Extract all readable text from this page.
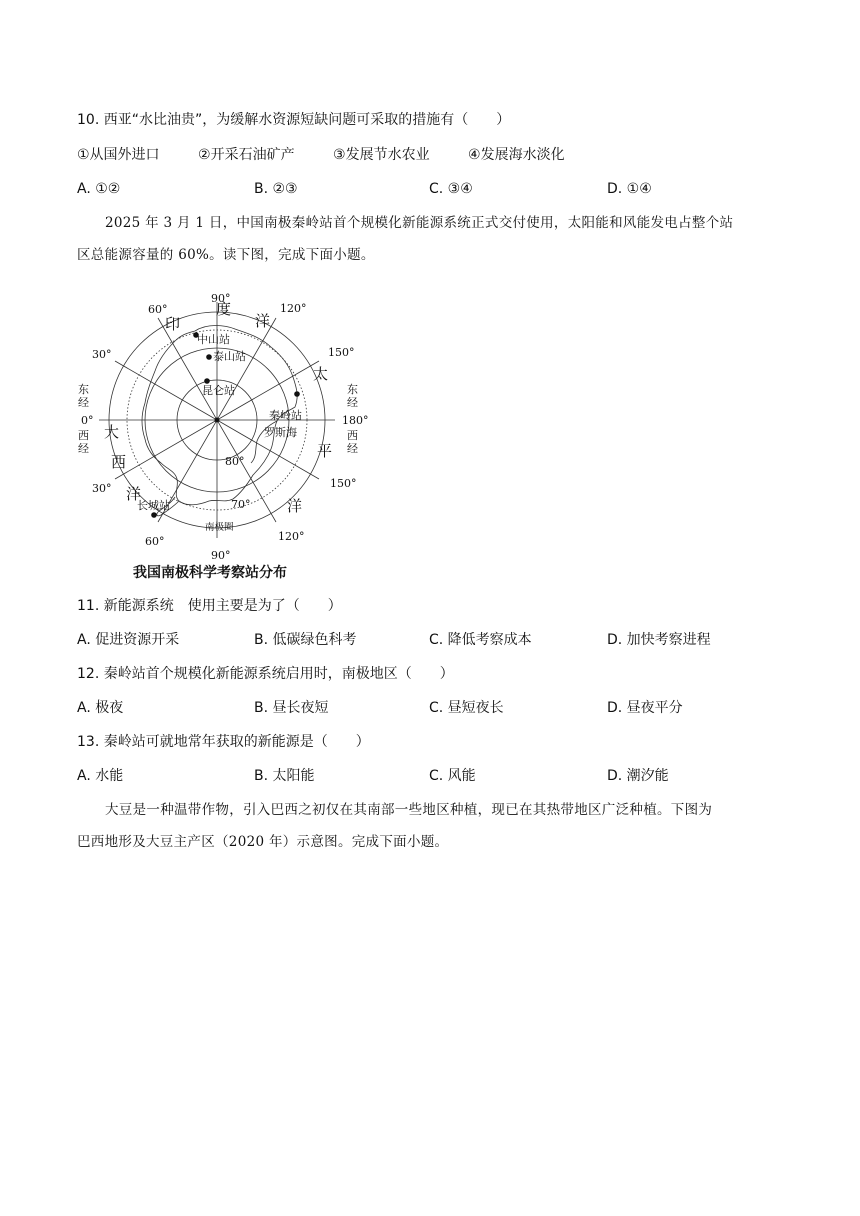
10. 西亚“水比油贵”，为缓解水资源短缺问题可采取的措施有（　　）
①从国外进口	②开采石油矿产	③发展节水农业	④发展海水淡化
A. ①②	B. ②③	C. ③④	D. ①④
2025 年 3 月 1 日，中国南极秦岭站首个规模化新能源系统正式交付使用，太阳能和风能发电占整个站
区总能源容量的 60%。读下图，完成下面小题。
90°
120°
150°
180°
150°
120°
90°
60°
30°
0°
30°
60°
80°
70°
东经
西经
东经
西经
印
度
洋
太
平
洋
大
西
洋
中山站
泰山站
昆仑站
秦岭站
长城站
罗斯海
南极圈
我国南极科学考察站分布
11. 新能源系统　使用主要是为了（　　）
A. 促进资源开采	B. 低碳绿色科考	C. 降低考察成本	D. 加快考察进程
12. 秦岭站首个规模化新能源系统启用时，南极地区（　　）
A. 极夜	B. 昼长夜短	C. 昼短夜长	D. 昼夜平分
13. 秦岭站可就地常年获取的新能源是（　　）
A. 水能	B. 太阳能	C. 风能	D. 潮汐能
大豆是一种温带作物，引入巴西之初仅在其南部一些地区种植，现已在其热带地区广泛种植。下图为
巴西地形及大豆主产区（2020 年）示意图。完成下面小题。
